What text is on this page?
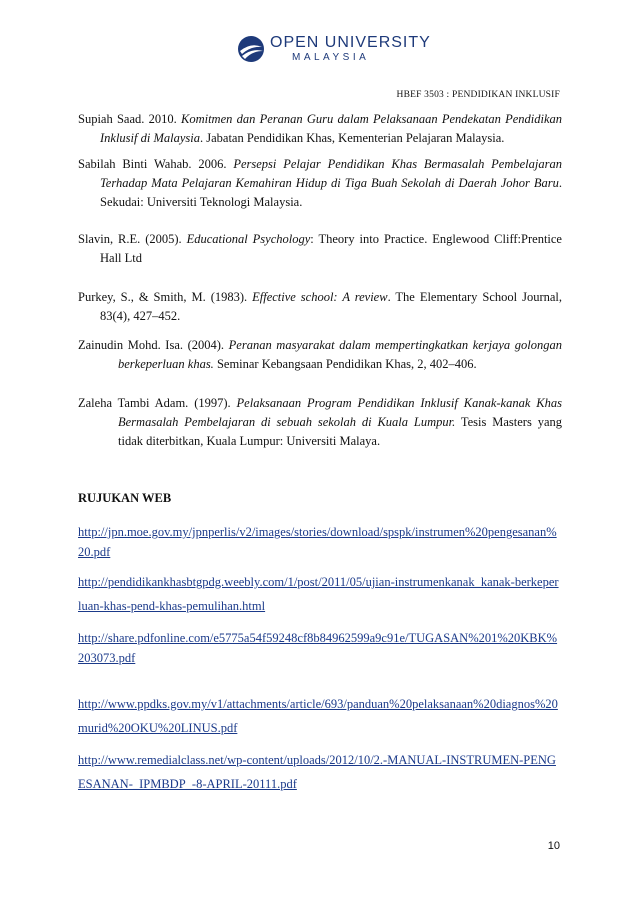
OPEN UNIVERSITY
MALAYSIA
HBEF 3503 : PENDIDIKAN INKLUSIF

Supiah Saad. 2010. Komitmen dan Peranan Guru dalam Pelaksanaan Pendekatan Pendidikan Inklusif di Malaysia. Jabatan Pendidikan Khas, Kementerian Pelajaran Malaysia.

Sabilah Binti Wahab. 2006. Persepsi Pelajar Pendidikan Khas Bermasalah Pembelajaran Terhadap Mata Pelajaran Kemahiran Hidup di Tiga Buah Sekolah di Daerah Johor Baru. Sekudai: Universiti Teknologi Malaysia.

Slavin, R.E. (2005). Educational Psychology: Theory into Practice. Englewood Cliff:Prentice Hall Ltd

Purkey, S., & Smith, M. (1983). Effective school: A review. The Elementary School Journal, 83(4), 427–452.

Zainudin Mohd. Isa. (2004). Peranan masyarakat dalam mempertingkatkan kerjaya golongan berkeperluan khas. Seminar Kebangsaan Pendidikan Khas, 2, 402–406.

Zaleha Tambi Adam. (1997). Pelaksanaan Program Pendidikan Inklusif Kanak-kanak Khas Bermasalah Pembelajaran di sebuah sekolah di Kuala Lumpur. Tesis Masters yang tidak diterbitkan, Kuala Lumpur: Universiti Malaya.

RUJUKAN WEB

http://jpn.moe.gov.my/jpnperlis/v2/images/stories/download/spspk/instrumen%20pengesanan%20.pdf
http://pendidikankhasbtgpdg.weebly.com/1/post/2011/05/ujian-instrumenkanak_kanak-berkeperluan-khas-pend-khas-pemulihan.html
http://share.pdfonline.com/e5775a54f59248cf8b84962599a9c91e/TUGASAN%201%20KBK%203073.pdf
http://www.ppdks.gov.my/v1/attachments/article/693/panduan%20pelaksanaan%20diagnos%20murid%20OKU%20LINUS.pdf
http://www.remedialclass.net/wp-content/uploads/2012/10/2.-MANUAL-INSTRUMEN-PENGESANAN-_IPMBDP_-8-APRIL-20111.pdf
10
